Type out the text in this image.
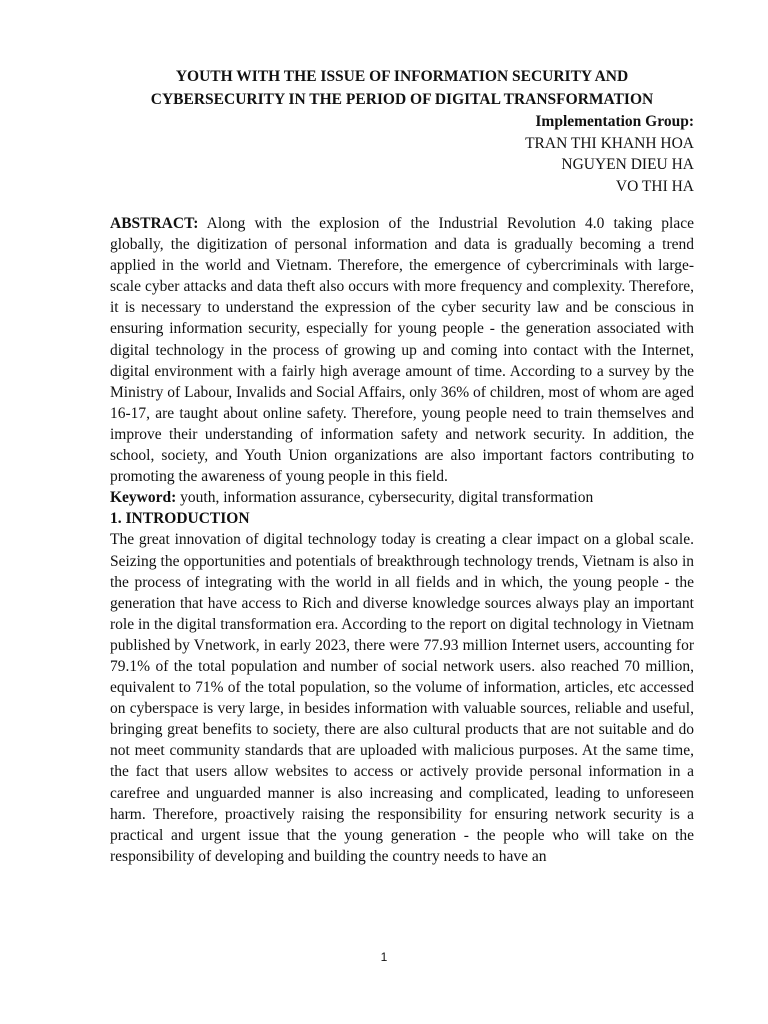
YOUTH WITH THE ISSUE OF INFORMATION SECURITY AND CYBERSECURITY IN THE PERIOD OF DIGITAL TRANSFORMATION
Implementation Group:
TRAN THI KHANH HOA
NGUYEN DIEU HA
VO THI HA

ABSTRACT: Along with the explosion of the Industrial Revolution 4.0 taking place globally, the digitization of personal information and data is gradually becoming a trend applied in the world and Vietnam. Therefore, the emergence of cybercriminals with large-scale cyber attacks and data theft also occurs with more frequency and complexity. Therefore, it is necessary to understand the expression of the cyber security law and be conscious in ensuring information security, especially for young people - the generation associated with digital technology in the process of growing up and coming into contact with the Internet, digital environment with a fairly high average amount of time. According to a survey by the Ministry of Labour, Invalids and Social Affairs, only 36% of children, most of whom are aged 16-17, are taught about online safety. Therefore, young people need to train themselves and improve their understanding of information safety and network security. In addition, the school, society, and Youth Union organizations are also important factors contributing to promoting the awareness of young people in this field.

Keyword: youth, information assurance, cybersecurity, digital transformation

1. INTRODUCTION

The great innovation of digital technology today is creating a clear impact on a global scale. Seizing the opportunities and potentials of breakthrough technology trends, Vietnam is also in the process of integrating with the world in all fields and in which, the young people - the generation that have access to Rich and diverse knowledge sources always play an important role in the digital transformation era. According to the report on digital technology in Vietnam published by Vnetwork, in early 2023, there were 77.93 million Internet users, accounting for 79.1% of the total population and number of social network users. also reached 70 million, equivalent to 71% of the total population, so the volume of information, articles, etc accessed on cyberspace is very large, in besides information with valuable sources, reliable and useful, bringing great benefits to society, there are also cultural products that are not suitable and do not meet community standards that are uploaded with malicious purposes. At the same time, the fact that users allow websites to access or actively provide personal information in a carefree and unguarded manner is also increasing and complicated, leading to unforeseen harm. Therefore, proactively raising the responsibility for ensuring network security is a practical and urgent issue that the young generation - the people who will take on the responsibility of developing and building the country needs to have an

1
